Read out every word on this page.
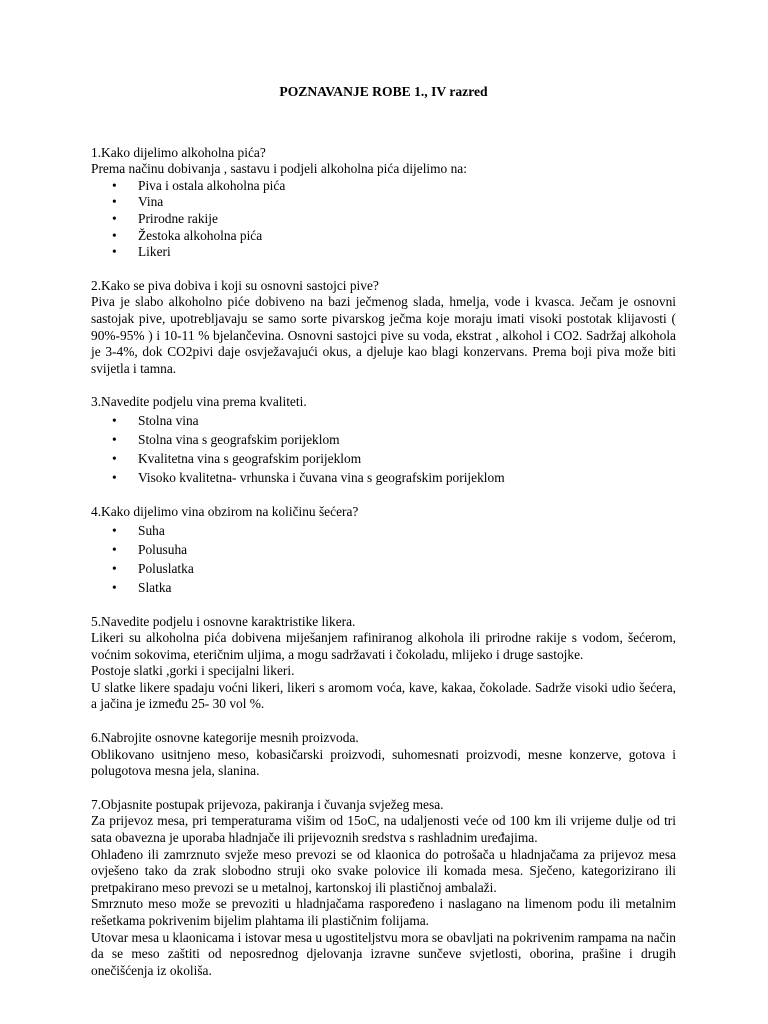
POZNAVANJE ROBE 1., IV razred
1.Kako dijelimo alkoholna pića?
Prema načinu dobivanja , sastavu i podjeli alkoholna pića dijelimo na:
• Piva i ostala alkoholna pića
• Vina
• Prirodne rakije
• Žestoka alkoholna pića
• Likeri
2.Kako se piva dobiva i koji su osnovni sastojci pive?
Piva je slabo alkoholno piće dobiveno na bazi ječmenog slada, hmelja, vode i kvasca. Ječam je osnovni sastojak pive, upotrebljavaju se samo sorte pivarskog ječma koje moraju imati visoki postotak klijavosti ( 90%-95% ) i 10-11 % bjelančevina. Osnovni sastojci pive su voda, ekstrat , alkohol i CO2. Sadržaj alkohola je 3-4%, dok CO2pivi daje osvježavajući okus, a djeluje kao blagi konzervans. Prema boji piva može biti svijetla i tamna.
3.Navedite podjelu vina prema kvaliteti.
• Stolna vina
• Stolna vina s geografskim porijeklom
• Kvalitetna vina s geografskim porijeklom
• Visoko kvalitetna- vrhunska i čuvana vina s geografskim porijeklom
4.Kako dijelimo vina obzirom na količinu šećera?
• Suha
• Polusuha
• Poluslatka
• Slatka
5.Navedite podjelu i osnovne karaktristike likera.
Likeri su alkoholna pića dobivena miješanjem rafiniranog alkohola ili prirodne rakije s vodom, šećerom, voćnim sokovima, eteričnim uljima, a mogu sadržavati i čokoladu, mlijeko i druge sastojke.
Postoje slatki ,gorki i specijalni likeri.
U slatke likere spadaju voćni likeri, likeri s aromom voća, kave, kakaa, čokolade. Sadrže visoki udio šećera, a jačina je između 25- 30 vol %.
6.Nabrojite osnovne kategorije mesnih proizvoda.
Oblikovano usitnjeno meso, kobasičarski proizvodi, suhomesnati proizvodi, mesne konzerve, gotova i polugotova mesna jela, slanina.
7.Objasnite postupak prijevoza, pakiranja i čuvanja svježeg mesa.
Za prijevoz mesa, pri temperaturama višim od 15oC, na udaljenosti veće od 100 km ili vrijeme dulje od tri sata obavezna je uporaba hladnjače ili prijevoznih sredstva s rashladnim uređajima.
Ohlađeno ili zamrznuto svježe meso prevozi se od klaonica do potrošača u hladnjačama za prijevoz mesa ovješeno tako da zrak slobodno struji oko svake polovice ili komada mesa. Sječeno, kategorizirano ili pretpakirano meso prevozi se u metalnoj, kartonskoj ili plastičnoj ambalaži.
Smrznuto meso može se prevoziti u hladnjačama raspoređeno i naslagano na limenom podu ili metalnim rešetkama pokrivenim bijelim plahtama ili plastičnim folijama.
Utovar mesa u klaonicama i istovar mesa u ugostiteljstvu mora se obavljati na pokrivenim rampama na način da se meso zaštiti od neposrednog djelovanja izravne sunčeve svjetlosti, oborina, prašine i drugih onečišćenja iz okoliša.
